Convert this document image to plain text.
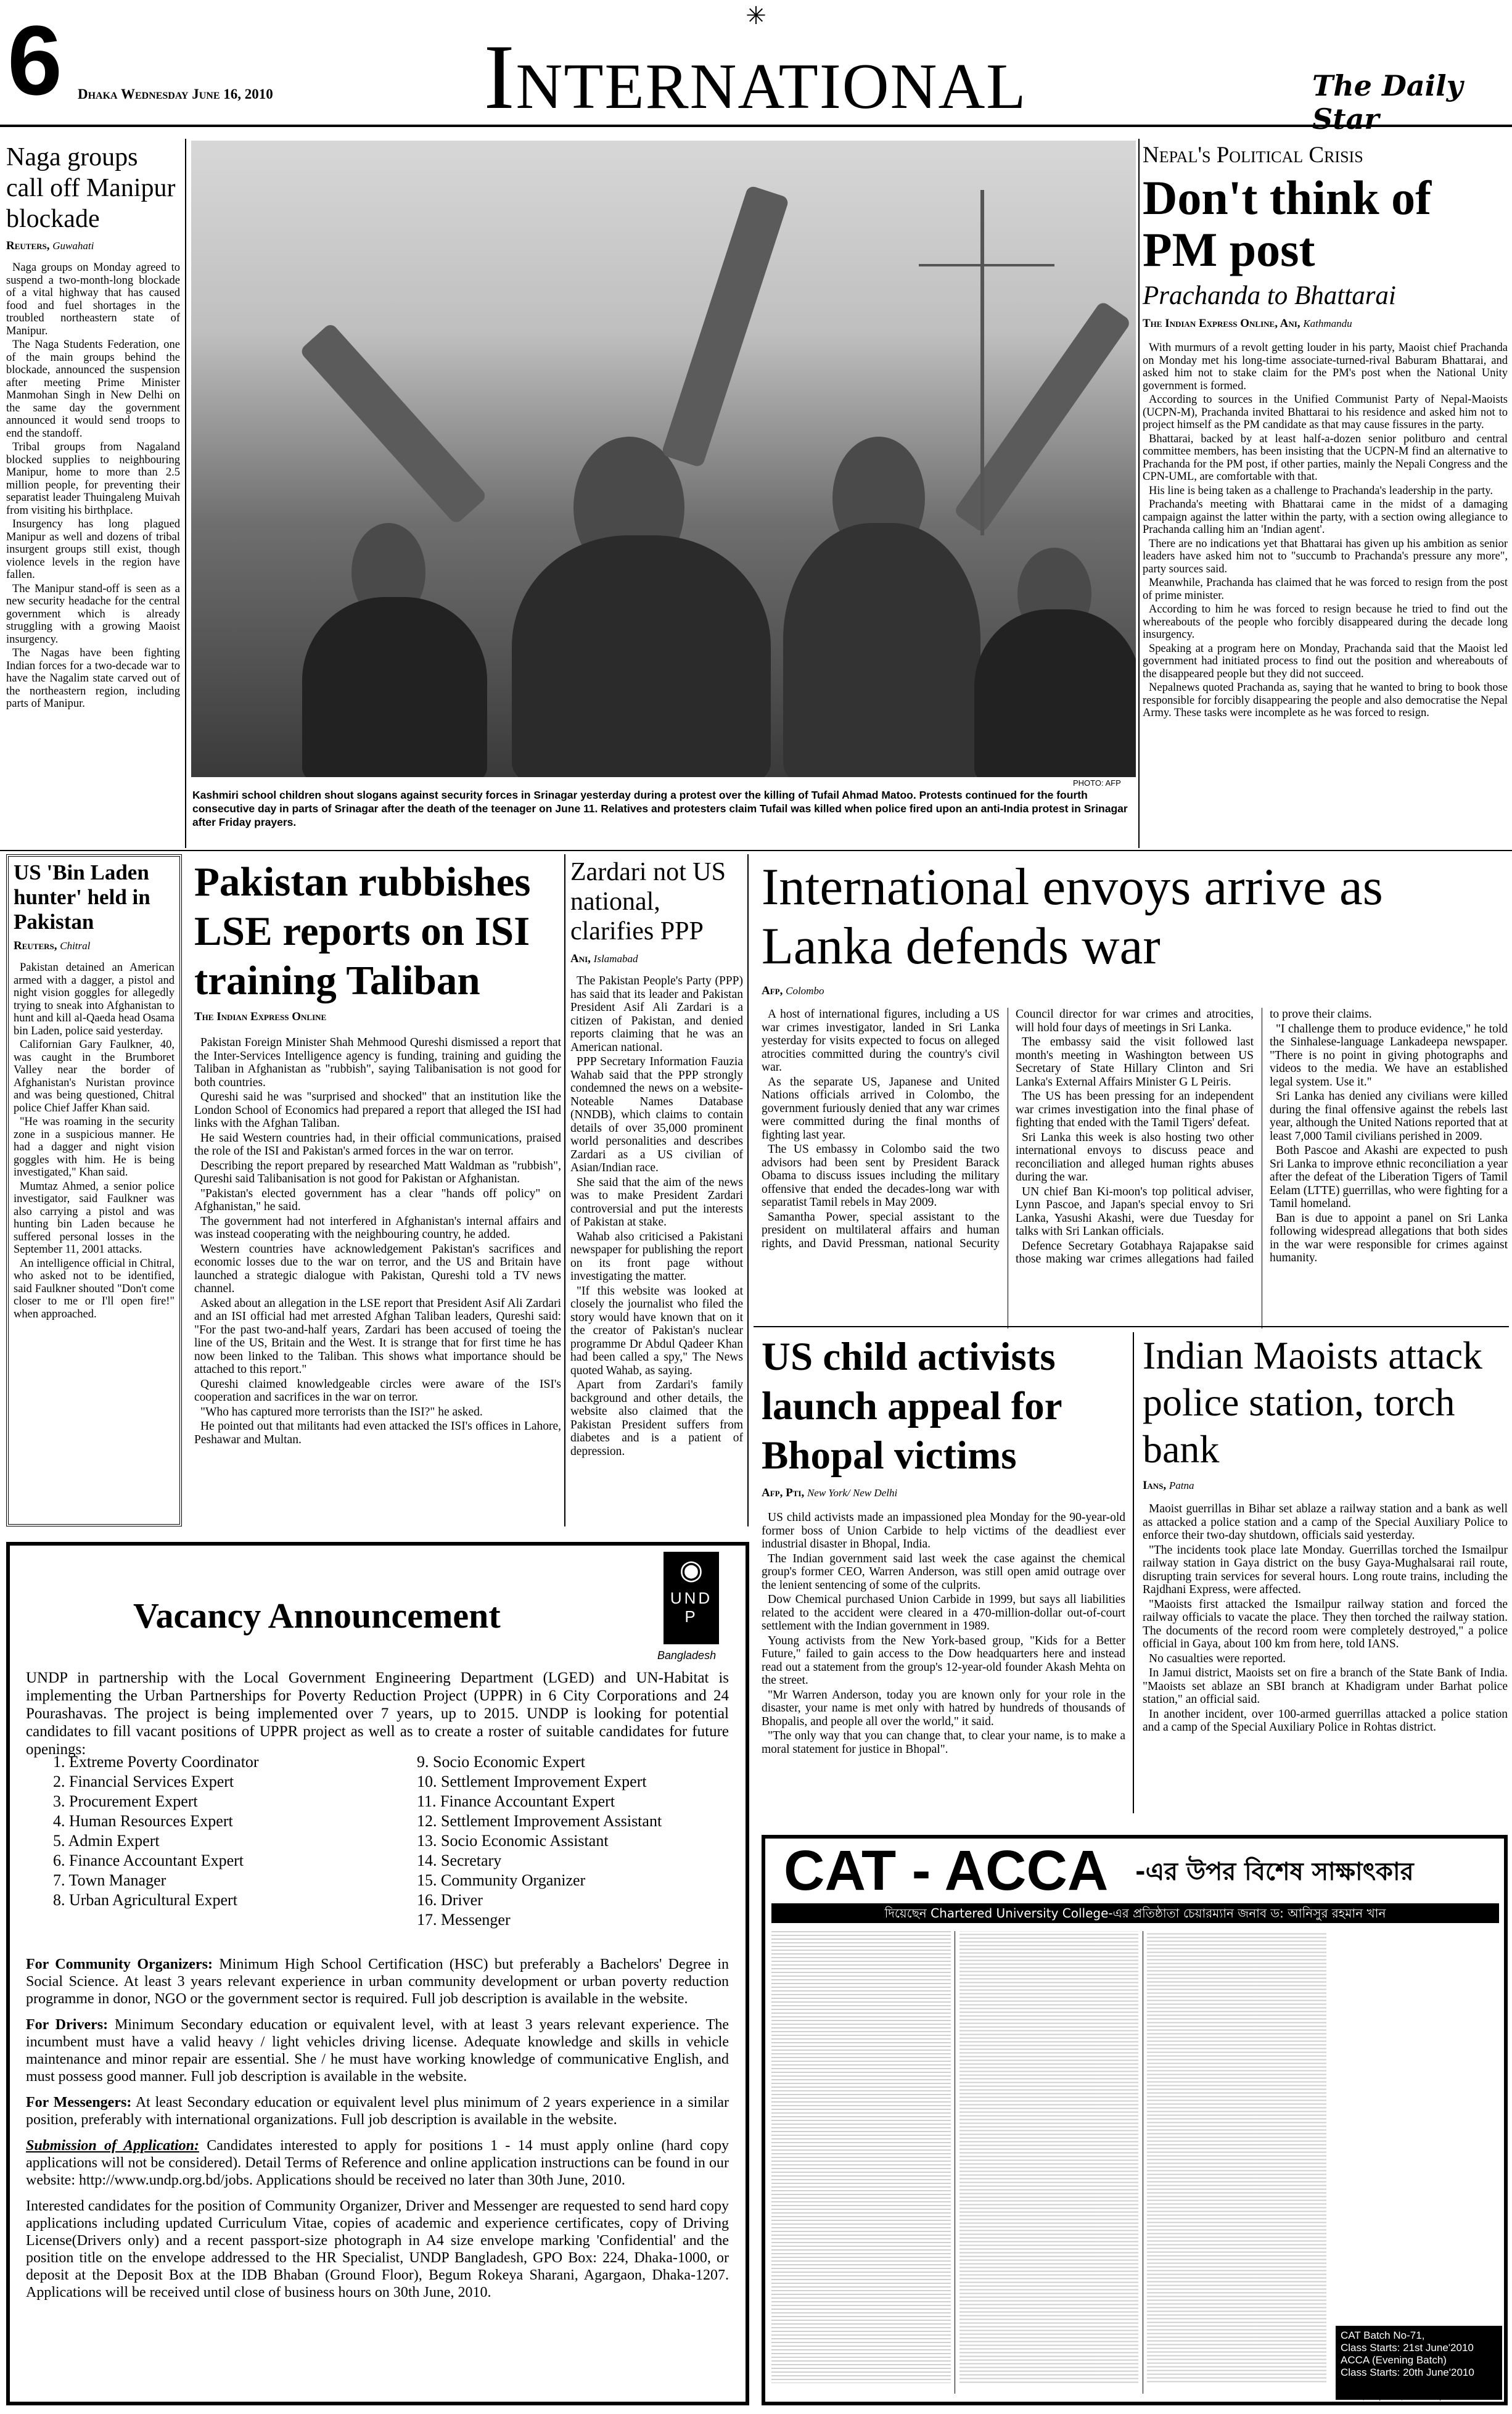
6 Dhaka Wednesday June 16, 2010
✳
International	The Daily Star
Naga groups call off Manipur blockade
Reuters, Guwahati

Naga groups on Monday agreed to suspend a two-month-long blockade of a vital highway that has caused food and fuel shortages in the troubled northeastern state of Manipur.

The Naga Students Federation, one of the main groups behind the blockade, announced the suspension after meeting Prime Minister Manmohan Singh in New Delhi on the same day the government announced it would send troops to end the standoff.

Tribal groups from Nagaland blocked supplies to neighbouring Manipur, home to more than 2.5 million people, for preventing their separatist leader Thuingaleng Muivah from visiting his birthplace.

Insurgency has long plagued Manipur as well and dozens of tribal insurgent groups still exist, though violence levels in the region have fallen.

The Manipur stand-off is seen as a new security headache for the central government which is already struggling with a growing Maoist insurgency.

The Nagas have been fighting Indian forces for a two-decade war to have the Nagalim state carved out of the northeastern region, including parts of Manipur.

PHOTO: AFP
Kashmiri school children shout slogans against security forces in Srinagar yesterday during a protest over the killing of Tufail Ahmad Matoo. Protests continued for the fourth consecutive day in parts of Srinagar after the death of the teenager on June 11. Relatives and protesters claim Tufail was killed when police fired upon an anti-India protest in Srinagar after Friday prayers.
Nepal's Political Crisis
Don't think of PM post
Prachanda to Bhattarai
The Indian Express Online, Ani, Kathmandu

With murmurs of a revolt getting louder in his party, Maoist chief Prachanda on Monday met his long-time associate-turned-rival Baburam Bhattarai, and asked him not to stake claim for the PM's post when the National Unity government is formed.

According to sources in the Unified Communist Party of Nepal-Maoists (UCPN-M), Prachanda invited Bhattarai to his residence and asked him not to project himself as the PM candidate as that may cause fissures in the party.

Bhattarai, backed by at least half-a-dozen senior politburo and central committee members, has been insisting that the UCPN-M find an alternative to Prachanda for the PM post, if other parties, mainly the Nepali Congress and the CPN-UML, are comfortable with that.

His line is being taken as a challenge to Prachanda's leadership in the party.

Prachanda's meeting with Bhattarai came in the midst of a damaging campaign against the latter within the party, with a section owing allegiance to Prachanda calling him an 'Indian agent'.

There are no indications yet that Bhattarai has given up his ambition as senior leaders have asked him not to "succumb to Prachanda's pressure any more", party sources said.

Meanwhile, Prachanda has claimed that he was forced to resign from the post of prime minister.

According to him he was forced to resign because he tried to find out the whereabouts of the people who forcibly disappeared during the decade long insurgency.

Speaking at a program here on Monday, Prachanda said that the Maoist led government had initiated process to find out the position and whereabouts of the disappeared people but they did not succeed.

Nepalnews quoted Prachanda as, saying that he wanted to bring to book those responsible for forcibly disappearing the people and also democratise the Nepal Army. These tasks were incomplete as he was forced to resign.

US 'Bin Laden hunter' held in Pakistan
Reuters, Chitral

Pakistan detained an American armed with a dagger, a pistol and night vision goggles for allegedly trying to sneak into Afghanistan to hunt and kill al-Qaeda head Osama bin Laden, police said yesterday.

Californian Gary Faulkner, 40, was caught in the Brumboret Valley near the border of Afghanistan's Nuristan province and was being questioned, Chitral police Chief Jaffer Khan said.

"He was roaming in the security zone in a suspicious manner. He had a dagger and night vision goggles with him. He is being investigated," Khan said.

Mumtaz Ahmed, a senior police investigator, said Faulkner was also carrying a pistol and was hunting bin Laden because he suffered personal losses in the September 11, 2001 attacks.

An intelligence official in Chitral, who asked not to be identified, said Faulkner shouted "Don't come closer to me or I'll open fire!" when approached.

Pakistan rubbishes LSE reports on ISI training Taliban
The Indian Express Online

Pakistan Foreign Minister Shah Mehmood Qureshi dismissed a report that the Inter-Services Intelligence agency is funding, training and guiding the Taliban in Afghanistan as "rubbish", saying Talibanisation is not good for both countries.

Qureshi said he was "surprised and shocked" that an institution like the London School of Economics had prepared a report that alleged the ISI had links with the Afghan Taliban.

He said Western countries had, in their official communications, praised the role of the ISI and Pakistan's armed forces in the war on terror.

Describing the report prepared by researched Matt Waldman as "rubbish", Qureshi said Talibanisation is not good for Pakistan or Afghanistan.

"Pakistan's elected government has a clear "hands off policy" on Afghanistan," he said.

The government had not interfered in Afghanistan's internal affairs and was instead cooperating with the neighbouring country, he added.

Western countries have acknowledgement Pakistan's sacrifices and economic losses due to the war on terror, and the US and Britain have launched a strategic dialogue with Pakistan, Qureshi told a TV news channel.

Asked about an allegation in the LSE report that President Asif Ali Zardari and an ISI official had met arrested Afghan Taliban leaders, Qureshi said: "For the past two-and-half years, Zardari has been accused of toeing the line of the US, Britain and the West. It is strange that for first time he has now been linked to the Taliban. This shows what importance should be attached to this report."

Qureshi claimed knowledgeable circles were aware of the ISI's cooperation and sacrifices in the war on terror.

"Who has captured more terrorists than the ISI?" he asked.

He pointed out that militants had even attacked the ISI's offices in Lahore, Peshawar and Multan.

Zardari not US national, clarifies PPP
Ani, Islamabad

The Pakistan People's Party (PPP) has said that its leader and Pakistan President Asif Ali Zardari is a citizen of Pakistan, and denied reports claiming that he was an American national.

PPP Secretary Information Fauzia Wahab said that the PPP strongly condemned the news on a website- Noteable Names Database (NNDB), which claims to contain details of over 35,000 prominent world personalities and describes Zardari as a US civilian of Asian/Indian race.

She said that the aim of the news was to make President Zardari controversial and put the interests of Pakistan at stake.

Wahab also criticised a Pakistani newspaper for publishing the report on its front page without investigating the matter.

"If this website was looked at closely the journalist who filed the story would have known that on it the creator of Pakistan's nuclear programme Dr Abdul Qadeer Khan had been called a spy," The News quoted Wahab, as saying.

Apart from Zardari's family background and other details, the website also claimed that the Pakistan President suffers from diabetes and is a patient of depression.

International envoys arrive as Lanka defends war
Afp, Colombo

A host of international figures, including a US war crimes investigator, landed in Sri Lanka yesterday for visits expected to focus on alleged atrocities committed during the country's civil war.

As the separate US, Japanese and United Nations officials arrived in Colombo, the government furiously denied that any war crimes were committed during the final months of fighting last year.

The US embassy in Colombo said the two advisors had been sent by President Barack Obama to discuss issues including the military offensive that ended the decades-long war with separatist Tamil rebels in May 2009.

Samantha Power, special assistant to the president on multilateral affairs and human rights, and David Pressman, national Security Council director for war crimes and atrocities, will hold four days of meetings in Sri Lanka.

The embassy said the visit followed last month's meeting in Washington between US Secretary of State Hillary Clinton and Sri Lanka's External Affairs Minister G L Peiris.

The US has been pressing for an independent war crimes investigation into the final phase of fighting that ended with the Tamil Tigers' defeat.

Sri Lanka this week is also hosting two other international envoys to discuss peace and reconciliation and alleged human rights abuses during the war.

UN chief Ban Ki-moon's top political adviser, Lynn Pascoe, and Japan's special envoy to Sri Lanka, Yasushi Akashi, were due Tuesday for talks with Sri Lankan officials.

Defence Secretary Gotabhaya Rajapakse said those making war crimes allegations had failed to prove their claims.

"I challenge them to produce evidence," he told the Sinhalese-language Lankadeepa newspaper. "There is no point in giving photographs and videos to the media. We have an established legal system. Use it."

Sri Lanka has denied any civilians were killed during the final offensive against the rebels last year, although the United Nations reported that at least 7,000 Tamil civilians perished in 2009.

Both Pascoe and Akashi are expected to push Sri Lanka to improve ethnic reconciliation a year after the defeat of the Liberation Tigers of Tamil Eelam (LTTE) guerrillas, who were fighting for a Tamil homeland.

Ban is due to appoint a panel on Sri Lanka following widespread allegations that both sides in the war were responsible for crimes against humanity.

US child activists launch appeal for Bhopal victims
Afp, Pti, New York/ New Delhi

US child activists made an impassioned plea Monday for the 90-year-old former boss of Union Carbide to help victims of the deadliest ever industrial disaster in Bhopal, India.

The Indian government said last week the case against the chemical group's former CEO, Warren Anderson, was still open amid outrage over the lenient sentencing of some of the culprits.

Dow Chemical purchased Union Carbide in 1999, but says all liabilities related to the accident were cleared in a 470-million-dollar out-of-court settlement with the Indian government in 1989.

Young activists from the New York-based group, "Kids for a Better Future," failed to gain access to the Dow headquarters here and instead read out a statement from the group's 12-year-old founder Akash Mehta on the street.

"Mr Warren Anderson, today you are known only for your role in the disaster, your name is met only with hatred by hundreds of thousands of Bhopalis, and people all over the world," it said.

"The only way that you can change that, to clear your name, is to make a moral statement for justice in Bhopal".

Indian Maoists attack police station, torch bank
Ians, Patna

Maoist guerrillas in Bihar set ablaze a railway station and a bank as well as attacked a police station and a camp of the Special Auxiliary Police to enforce their two-day shutdown, officials said yesterday.

"The incidents took place late Monday. Guerrillas torched the Ismailpur railway station in Gaya district on the busy Gaya-Mughalsarai rail route, disrupting train services for several hours. Long route trains, including the Rajdhani Express, were affected.

"Maoists first attacked the Ismailpur railway station and forced the railway officials to vacate the place. They then torched the railway station. The documents of the record room were completely destroyed," a police official in Gaya, about 100 km from here, told IANS.

No casualties were reported.

In Jamui district, Maoists set on fire a branch of the State Bank of India. "Maoists set ablaze an SBI branch at Khadigram under Barhat police station," an official said.

In another incident, over 100-armed guerrillas attacked a police station and a camp of the Special Auxiliary Police in Rohtas district.

Vacancy Announcement
◉
UNDP
Bangladesh
UNDP in partnership with the Local Government Engineering Department (LGED) and UN-Habitat is implementing the Urban Partnerships for Poverty Reduction Project (UPPR) in 6 City Corporations and 24 Pourashavas. The project is being implemented over 7 years, up to 2015. UNDP is looking for potential candidates to fill vacant positions of UPPR project as well as to create a roster of suitable candidates for future openings:
1. Extreme Poverty Coordinator
2. Financial Services Expert
3. Procurement Expert
4. Human Resources Expert
5. Admin Expert
6. Finance Accountant Expert
7. Town Manager
8. Urban Agricultural Expert
9. Socio Economic Expert
10. Settlement Improvement Expert
11. Finance Accountant Expert
12. Settlement Improvement Assistant
13. Socio Economic Assistant
14. Secretary
15. Community Organizer
16. Driver
17. Messenger

For Community Organizers: Minimum High School Certification (HSC) but preferably a Bachelors' Degree in Social Science. At least 3 years relevant experience in urban community development or urban poverty reduction programme in donor, NGO or the government sector is required. Full job description is available in the website.

For Drivers: Minimum Secondary education or equivalent level, with at least 3 years relevant experience. The incumbent must have a valid heavy / light vehicles driving license. Adequate knowledge and skills in vehicle maintenance and minor repair are essential. She / he must have working knowledge of communicative English, and must possess good manner. Full job description is available in the website.

For Messengers: At least Secondary education or equivalent level plus minimum of 2 years experience in a similar position, preferably with international organizations. Full job description is available in the website.

Submission of Application: Candidates interested to apply for positions 1 - 14 must apply online (hard copy applications will not be considered). Detail Terms of Reference and online application instructions can be found in our website: http://www.undp.org.bd/jobs. Applications should be received no later than 30th June, 2010.

Interested candidates for the position of Community Organizer, Driver and Messenger are requested to send hard copy applications including updated Curriculum Vitae, copies of academic and experience certificates, copy of Driving License(Drivers only) and a recent passport-size photograph in A4 size envelope marking 'Confidential' and the position title on the envelope addressed to the HR Specialist, UNDP Bangladesh, GPO Box: 224, Dhaka-1000, or deposit at the Deposit Box at the IDB Bhaban (Ground Floor), Begum Rokeya Sharani, Agargaon, Dhaka-1207. Applications will be received until close of business hours on 30th June, 2010.

CAT - ACCA -এর উপর বিশেষ সাক্ষাৎকার
দিয়েছেন Chartered University College-এর প্রতিষ্ঠাতা চেয়ারম্যান জনাব ড: আনিসুর রহমান খান
CAT Batch No-71,
Class Starts: 21st June'2010
ACCA (Evening Batch)
Class Starts: 20th June'2010
চার্টার্ড ইউনিভার্সিটি কলেজ
০১৭১৪২৯০৬, ০১৭২০-৫৩০৮৬৭,৭৪
